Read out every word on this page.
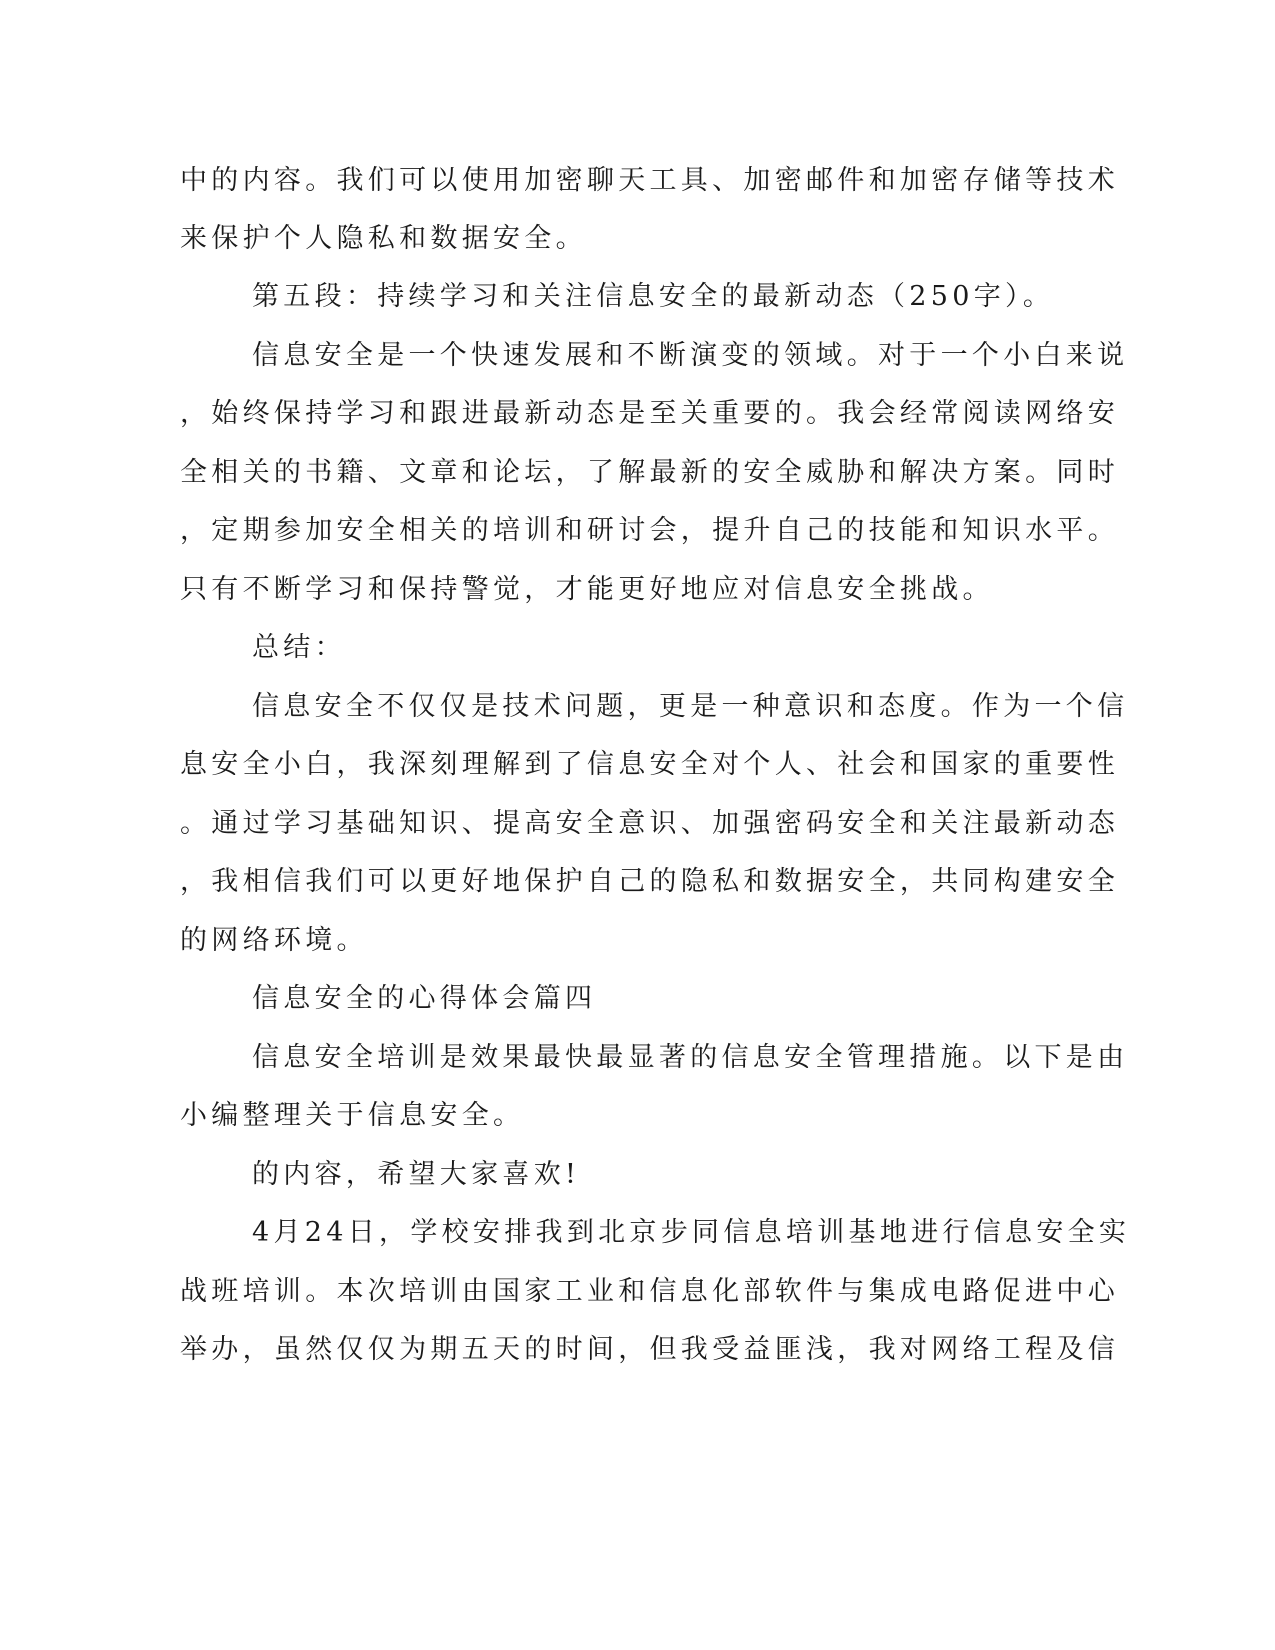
中的内容。我们可以使用加密聊天工具、加密邮件和加密存储等技术
来保护个人隐私和数据安全。
第五段：持续学习和关注信息安全的最新动态（250字）。
信息安全是一个快速发展和不断演变的领域。对于一个小白来说
，始终保持学习和跟进最新动态是至关重要的。我会经常阅读网络安
全相关的书籍、文章和论坛，了解最新的安全威胁和解决方案。同时
，定期参加安全相关的培训和研讨会，提升自己的技能和知识水平。
只有不断学习和保持警觉，才能更好地应对信息安全挑战。
总结：
信息安全不仅仅是技术问题，更是一种意识和态度。作为一个信
息安全小白，我深刻理解到了信息安全对个人、社会和国家的重要性
。通过学习基础知识、提高安全意识、加强密码安全和关注最新动态
，我相信我们可以更好地保护自己的隐私和数据安全，共同构建安全
的网络环境。
信息安全的心得体会篇四
信息安全培训是效果最快最显著的信息安全管理措施。以下是由
小编整理关于信息安全。
的内容，希望大家喜欢!
4月24日，学校安排我到北京步同信息培训基地进行信息安全实
战班培训。本次培训由国家工业和信息化部软件与集成电路促进中心
举办，虽然仅仅为期五天的时间，但我受益匪浅，我对网络工程及信
